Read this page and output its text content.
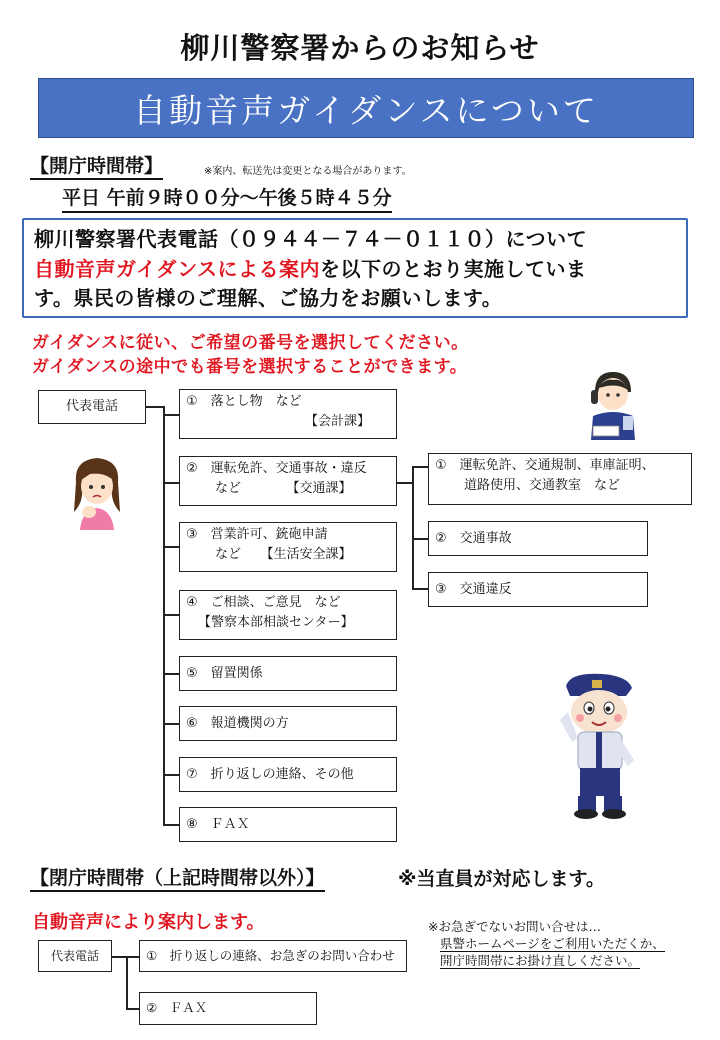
柳川警察署からのお知らせ
自動音声ガイダンスについて
【開庁時間帯】	※案内、転送先は変更となる場合があります。
平日 午前９時００分～午後５時４５分
柳川警察署代表電話（０９４４－７４－０１１０）について
自動音声ガイダンスによる案内を以下のとおり実施していま
す。県民の皆様のご理解、ご協力をお願いします。
ガイダンスに従い、ご希望の番号を選択してください。
ガイダンスの途中でも番号を選択することができます。
代表電話	①　落とし物　など
【会計課】
②　運転免許、交通事故・違反
など　　　　【交通課】
③　営業許可、銃砲申請
など　　【生活安全課】
④　ご相談、ご意見　など
【警察本部相談センター】
⑤　留置関係
⑥　報道機関の方
⑦　折り返しの連絡、その他
⑧　ＦＡＸ
①　運転免許、交通規制、車庫証明、
道路使用、交通教室　など
②　交通事故
③　交通違反
【閉庁時間帯（上記時間帯以外）】	※当直員が対応します。
自動音声により案内します。
代表電話	①　折り返しの連絡、お急ぎのお問い合わせ
②　ＦＡＸ
※お急ぎでないお問い合せは…
県警ホームページをご利用いただくか、
開庁時間帯にお掛け直しください。
